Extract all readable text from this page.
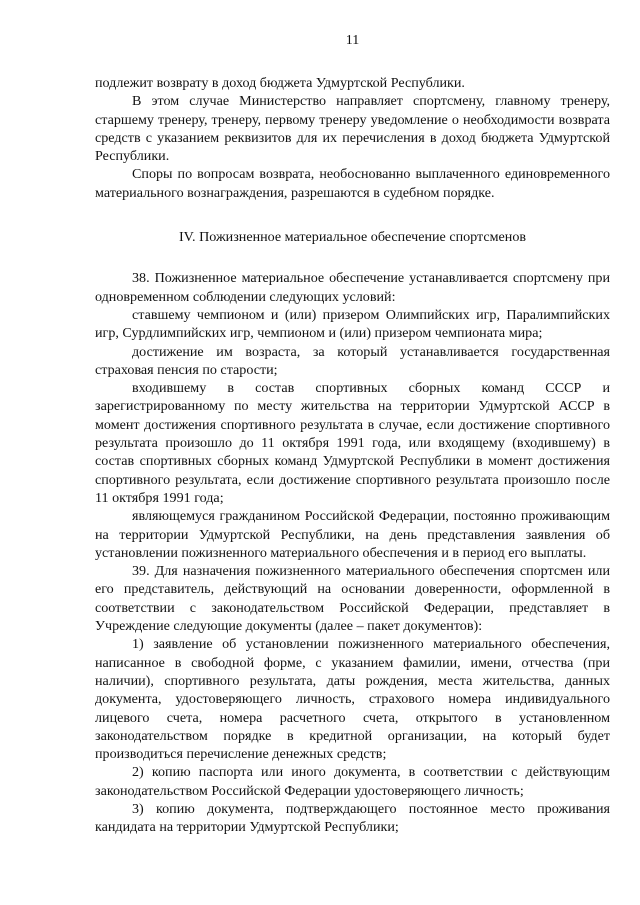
11

подлежит возврату в доход бюджета Удмуртской Республики.

В этом случае Министерство направляет спортсмену, главному тренеру, старшему тренеру, тренеру, первому тренеру уведомление о необходимости возврата средств с указанием реквизитов для их перечисления в доход бюджета Удмуртской Республики.

Споры по вопросам возврата, необоснованно выплаченного единовременного материального вознаграждения, разрешаются в судебном порядке.

IV. Пожизненное материальное обеспечение спортсменов

38. Пожизненное материальное обеспечение устанавливается спортсмену при одновременном соблюдении следующих условий:

ставшему чемпионом и (или) призером Олимпийских игр, Паралимпийских игр, Сурдлимпийских игр, чемпионом и (или) призером чемпионата мира;

достижение им возраста, за который устанавливается государственная страховая пенсия по старости;

входившему в состав спортивных сборных команд СССР и зарегистрированному по месту жительства на территории Удмуртской АССР в момент достижения спортивного результата в случае, если достижение спортивного результата произошло до 11 октября 1991 года, или входящему (входившему) в состав спортивных сборных команд Удмуртской Республики в момент достижения спортивного результата, если достижение спортивного результата произошло после 11 октября 1991 года;

являющемуся гражданином Российской Федерации, постоянно проживающим на территории Удмуртской Республики, на день представления заявления об установлении пожизненного материального обеспечения и в период его выплаты.

39. Для назначения пожизненного материального обеспечения спортсмен или его представитель, действующий на основании доверенности, оформленной в соответствии с законодательством Российской Федерации, представляет в Учреждение следующие документы (далее – пакет документов):

1) заявление об установлении пожизненного материального обеспечения, написанное в свободной форме, с указанием фамилии, имени, отчества (при наличии), спортивного результата, даты рождения, места жительства, данных документа, удостоверяющего личность, страхового номера индивидуального лицевого счета, номера расчетного счета, открытого в установленном законодательством порядке в кредитной организации, на который будет производиться перечисление денежных средств;

2) копию паспорта или иного документа, в соответствии с действующим законодательством Российской Федерации удостоверяющего личность;

3) копию документа, подтверждающего постоянное место проживания кандидата на территории Удмуртской Республики;
